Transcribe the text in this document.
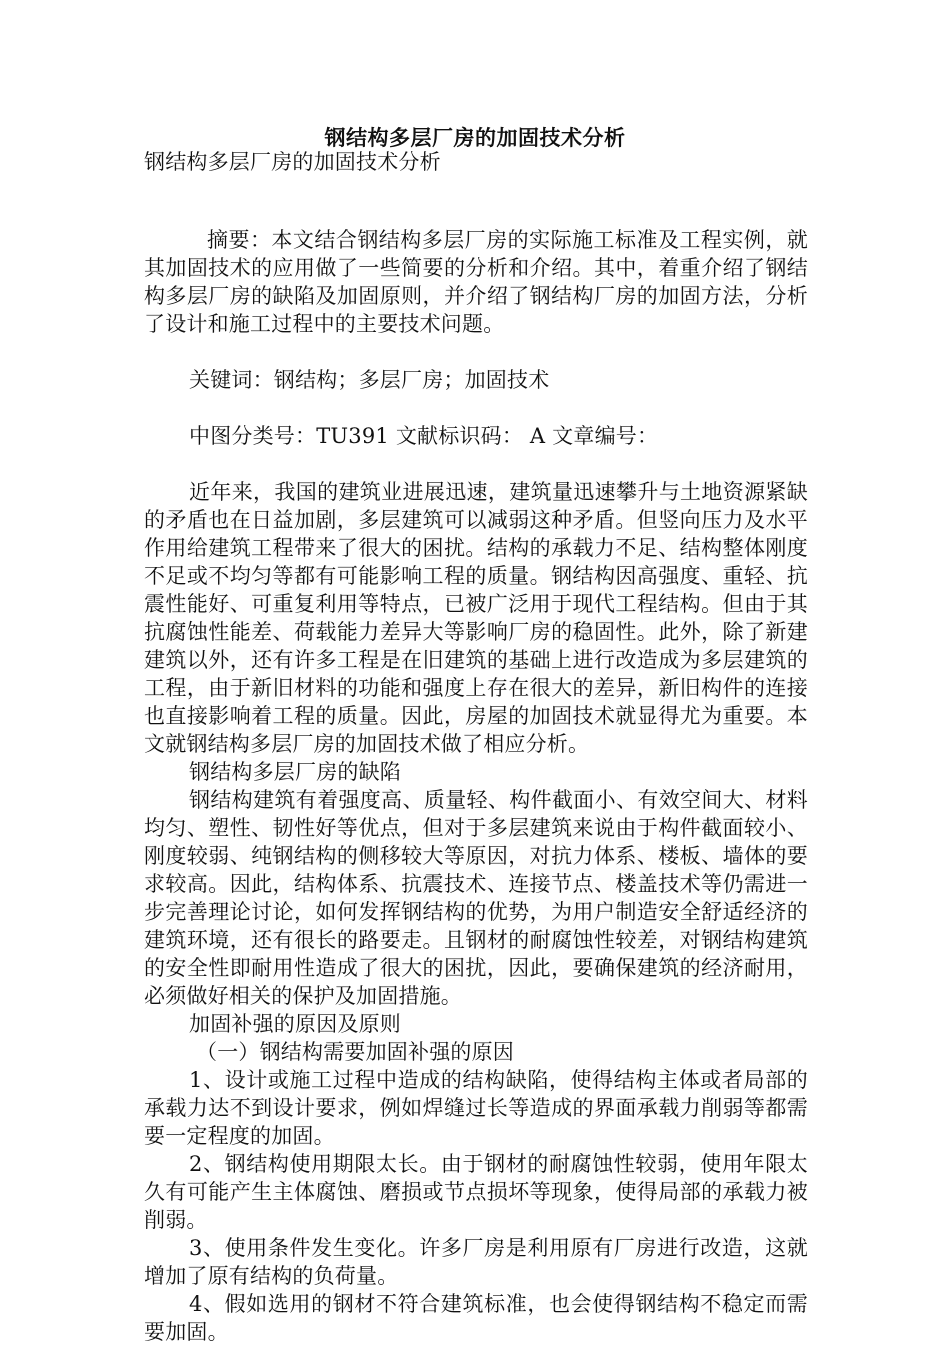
钢结构多层厂房的加固技术分析

钢结构多层厂房的加固技术分析

摘要：本文结合钢结构多层厂房的实际施工标准及工程实例，就其加固技术的应用做了一些简要的分析和介绍。其中，着重介绍了钢结构多层厂房的缺陷及加固原则，并介绍了钢结构厂房的加固方法，分析了设计和施工过程中的主要技术问题。

关键词：钢结构；多层厂房；加固技术

中图分类号：TU391 文献标识码： A 文章编号：

近年来，我国的建筑业进展迅速，建筑量迅速攀升与土地资源紧缺的矛盾也在日益加剧，多层建筑可以减弱这种矛盾。但竖向压力及水平作用给建筑工程带来了很大的困扰。结构的承载力不足、结构整体刚度不足或不均匀等都有可能影响工程的质量。钢结构因高强度、重轻、抗震性能好、可重复利用等特点，已被广泛用于现代工程结构。但由于其抗腐蚀性能差、荷载能力差异大等影响厂房的稳固性。此外，除了新建建筑以外，还有许多工程是在旧建筑的基础上进行改造成为多层建筑的工程，由于新旧材料的功能和强度上存在很大的差异，新旧构件的连接也直接影响着工程的质量。因此，房屋的加固技术就显得尤为重要。本文就钢结构多层厂房的加固技术做了相应分析。

钢结构多层厂房的缺陷

钢结构建筑有着强度高、质量轻、构件截面小、有效空间大、材料均匀、塑性、韧性好等优点，但对于多层建筑来说由于构件截面较小、刚度较弱、纯钢结构的侧移较大等原因，对抗力体系、楼板、墙体的要求较高。因此，结构体系、抗震技术、连接节点、楼盖技术等仍需进一步完善理论讨论，如何发挥钢结构的优势，为用户制造安全舒适经济的建筑环境，还有很长的路要走。且钢材的耐腐蚀性较差，对钢结构建筑的安全性即耐用性造成了很大的困扰，因此，要确保建筑的经济耐用，必须做好相关的保护及加固措施。

加固补强的原因及原则

（一）钢结构需要加固补强的原因

1、设计或施工过程中造成的结构缺陷，使得结构主体或者局部的承载力达不到设计要求，例如焊缝过长等造成的界面承载力削弱等都需要一定程度的加固。

2、钢结构使用期限太长。由于钢材的耐腐蚀性较弱，使用年限太久有可能产生主体腐蚀、磨损或节点损坏等现象，使得局部的承载力被削弱。

3、使用条件发生变化。许多厂房是利用原有厂房进行改造，这就增加了原有结构的负荷量。

4、假如选用的钢材不符合建筑标准，也会使得钢结构不稳定而需要加固。
